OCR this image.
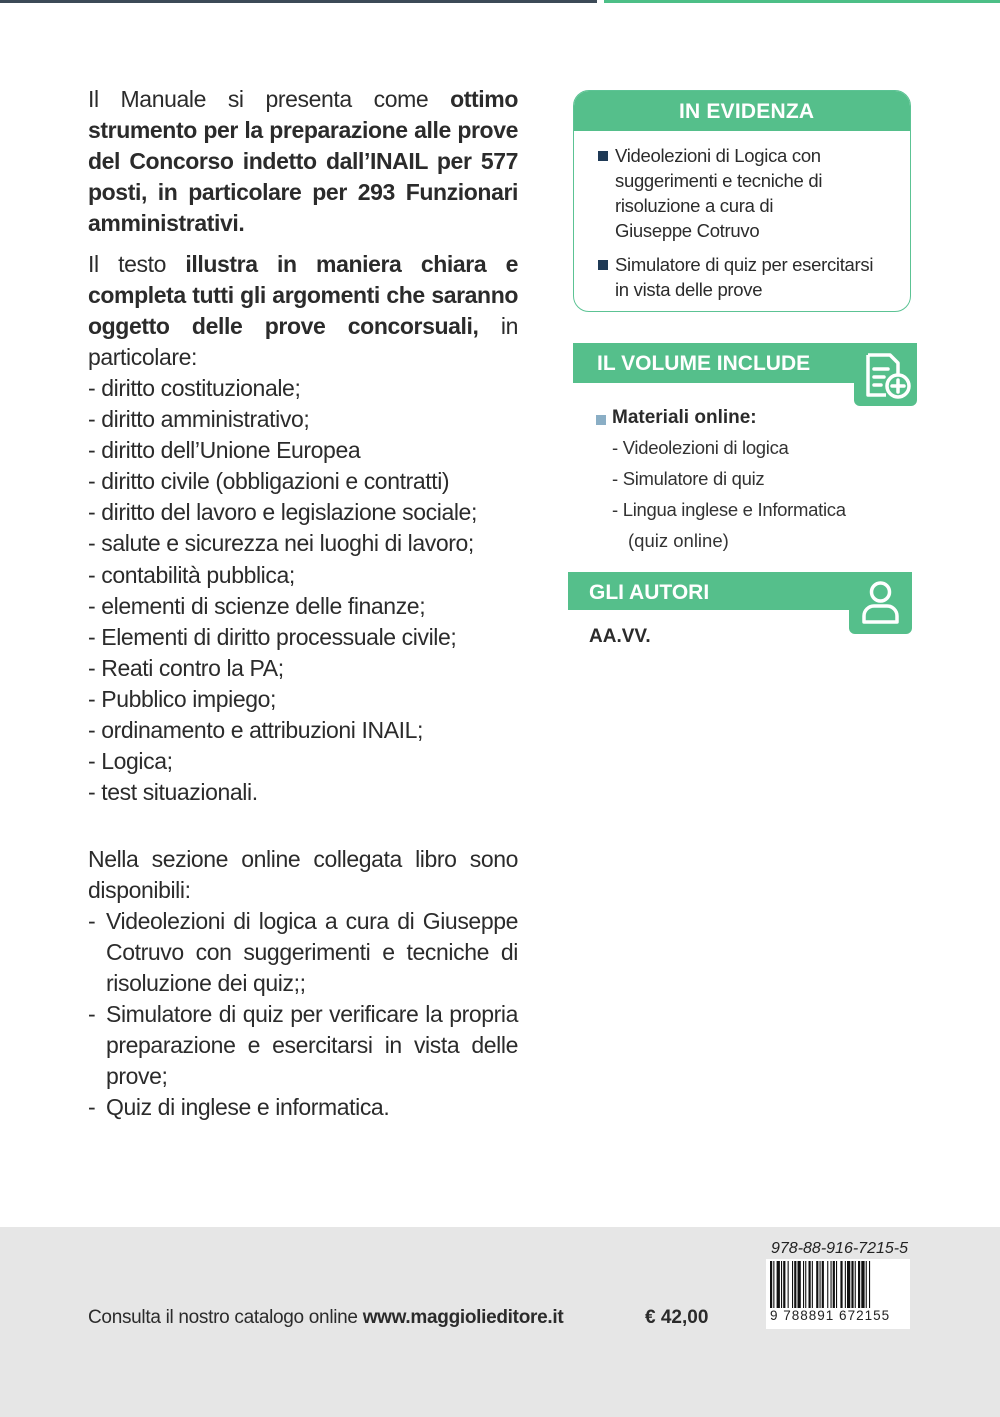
Il Manuale si presenta come ottimo strumento per la preparazione alle prove del Concorso indetto dall’INAIL per 577 posti, in particolare per 293 Funzionari amministrativi.

Il testo illustra in maniera chiara e completa tutti gli argomenti che saranno oggetto delle prove concorsuali, in particolare:

- diritto costituzionale;
- diritto amministrativo;
- diritto dell’Unione Europea
- diritto civile (obbligazioni e contratti)
- diritto del lavoro e legislazione sociale;
- salute e sicurezza nei luoghi di lavoro;
- contabilità pubblica;
- elementi di scienze delle finanze;
- Elementi di diritto processuale civile;
- Reati contro la PA;
- Pubblico impiego;
- ordinamento e attribuzioni INAIL;
- Logica;
- test situazionali.

Nella sezione online collegata libro sono disponibili:

- Videolezioni di logica a cura di Giuseppe Cotruvo con suggerimenti e tecniche di risoluzione dei quiz;;
- Simulatore di quiz per verificare la propria preparazione e esercitarsi in vista delle prove;
- Quiz di inglese e informatica.
IN EVIDENZA
Videolezioni di Logica con suggerimenti e tecniche di risoluzione a cura di Giuseppe Cotruvo
Simulatore di quiz per esercitarsi in vista delle prove
IL VOLUME INCLUDE
Materiali online:
- Videolezioni di logica
- Simulatore di quiz
- Lingua inglese e Informatica
(quiz online)
GLI AUTORI
AA.VV.
Consulta il nostro catalogo online www.maggiolieditore.it	€ 42,00
978-88-916-7215-5
9 788891 672155
